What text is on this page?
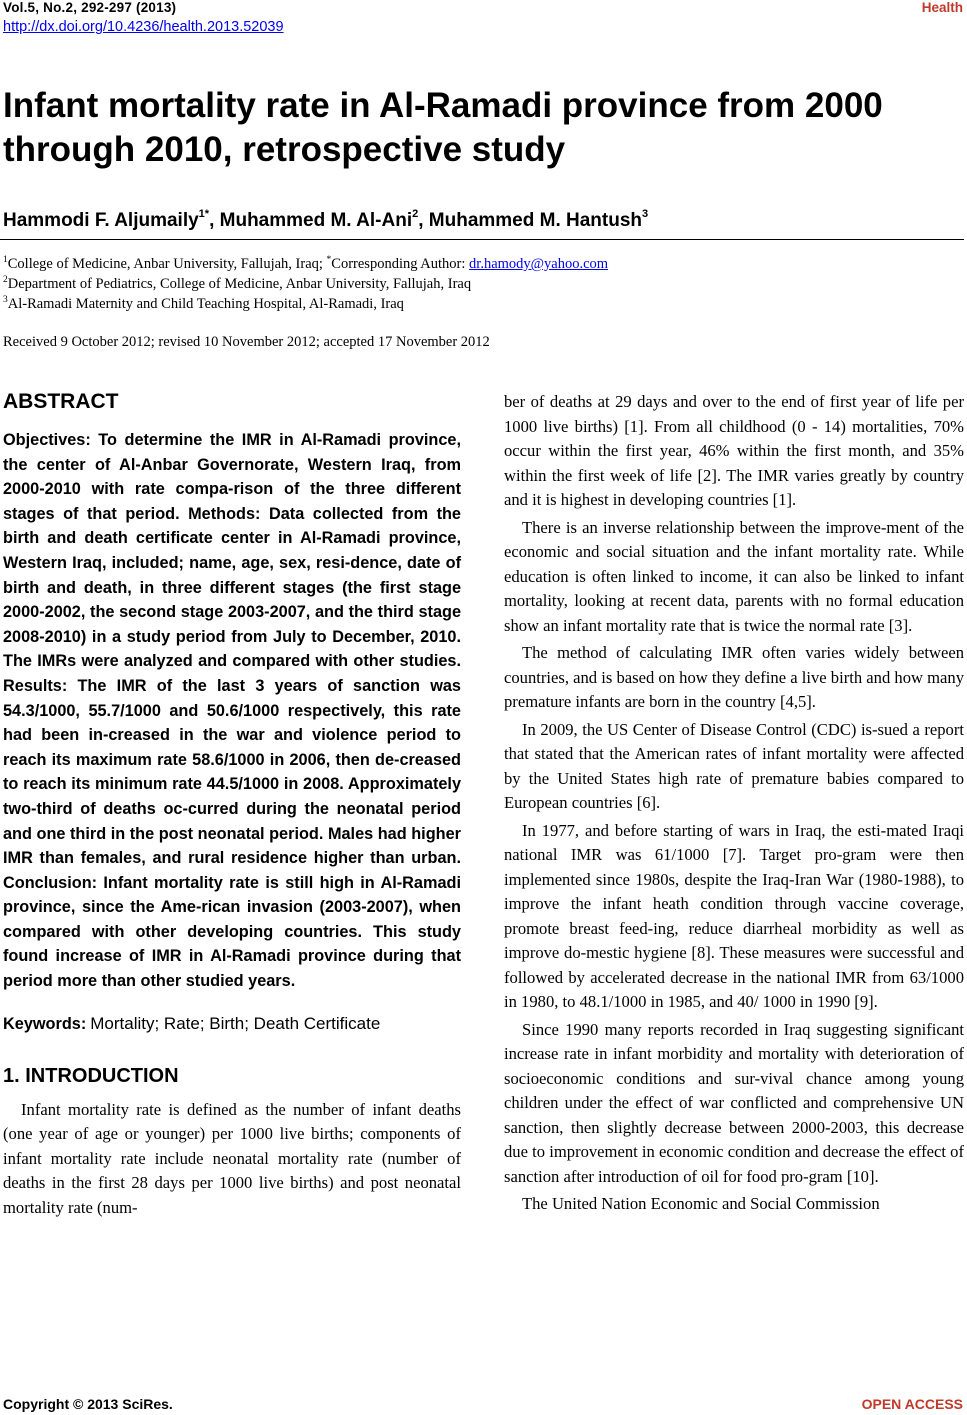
Vol.5, No.2, 292-297 (2013)	Health
http://dx.doi.org/10.4236/health.2013.52039
Infant mortality rate in Al-Ramadi province from 2000
through 2010, retrospective study
Hammodi F. Aljumaily$^{1*}$, Muhammed M. Al-Ani$^2$, Muhammed M. Hantush$^3$
$^1$College of Medicine, Anbar University, Fallujah, Iraq; *Corresponding Author: dr.hamody@yahoo.com
$^2$Department of Pediatrics, College of Medicine, Anbar University, Fallujah, Iraq
$^3$Al-Ramadi Maternity and Child Teaching Hospital, Al-Ramadi, Iraq
Received 9 October 2012; revised 10 November 2012; accepted 17 November 2012
ABSTRACT

Objectives: To determine the IMR in Al-Ramadi province, the center of Al-Anbar Governorate, Western Iraq, from 2000-2010 with rate compa-rison of the three different stages of that period. Methods: Data collected from the birth and death certificate center in Al-Ramadi province, Western Iraq, included; name, age, sex, resi-dence, date of birth and death, in three different stages (the first stage 2000-2002, the second stage 2003-2007, and the third stage 2008-2010) in a study period from July to December, 2010. The IMRs were analyzed and compared with other studies. Results: The IMR of the last 3 years of sanction was 54.3/1000, 55.7/1000 and 50.6/1000 respectively, this rate had been in-creased in the war and violence period to reach its maximum rate 58.6/1000 in 2006, then de-creased to reach its minimum rate 44.5/1000 in 2008. Approximately two-third of deaths oc-curred during the neonatal period and one third in the post neonatal period. Males had higher IMR than females, and rural residence higher than urban. Conclusion: Infant mortality rate is still high in Al-Ramadi province, since the Ame-rican invasion (2003-2007), when compared with other developing countries. This study found increase of IMR in Al-Ramadi province during that period more than other studied years.

Keywords: Mortality; Rate; Birth; Death Certificate
1. INTRODUCTION

Infant mortality rate is defined as the number of infant deaths (one year of age or younger) per 1000 live births; components of infant mortality rate include neonatal mortality rate (number of deaths in the first 28 days per 1000 live births) and post neonatal mortality rate (num-

ber of deaths at 29 days and over to the end of first year of life per 1000 live births) [1]. From all childhood (0 - 14) mortalities, 70% occur within the first year, 46% within the first month, and 35% within the first week of life [2]. The IMR varies greatly by country and it is highest in developing countries [1].

There is an inverse relationship between the improve-ment of the economic and social situation and the infant mortality rate. While education is often linked to income, it can also be linked to infant mortality, looking at recent data, parents with no formal education show an infant mortality rate that is twice the normal rate [3].

The method of calculating IMR often varies widely between countries, and is based on how they define a live birth and how many premature infants are born in the country [4,5].

In 2009, the US Center of Disease Control (CDC) is-sued a report that stated that the American rates of infant mortality were affected by the United States high rate of premature babies compared to European countries [6].

In 1977, and before starting of wars in Iraq, the esti-mated Iraqi national IMR was 61/1000 [7]. Target pro-gram were then implemented since 1980s, despite the Iraq-Iran War (1980-1988), to improve the infant heath condition through vaccine coverage, promote breast feed-ing, reduce diarrheal morbidity as well as improve do-mestic hygiene [8]. These measures were successful and followed by accelerated decrease in the national IMR from 63/1000 in 1980, to 48.1/1000 in 1985, and 40/ 1000 in 1990 [9].

Since 1990 many reports recorded in Iraq suggesting significant increase rate in infant morbidity and mortality with deterioration of socioeconomic conditions and sur-vival chance among young children under the effect of war conflicted and comprehensive UN sanction, then slightly decrease between 2000-2003, this decrease due to improvement in economic condition and decrease the effect of sanction after introduction of oil for food pro-gram [10].

The United Nation Economic and Social Commission

Copyright © 2013 SciRes.	OPEN ACCESS
